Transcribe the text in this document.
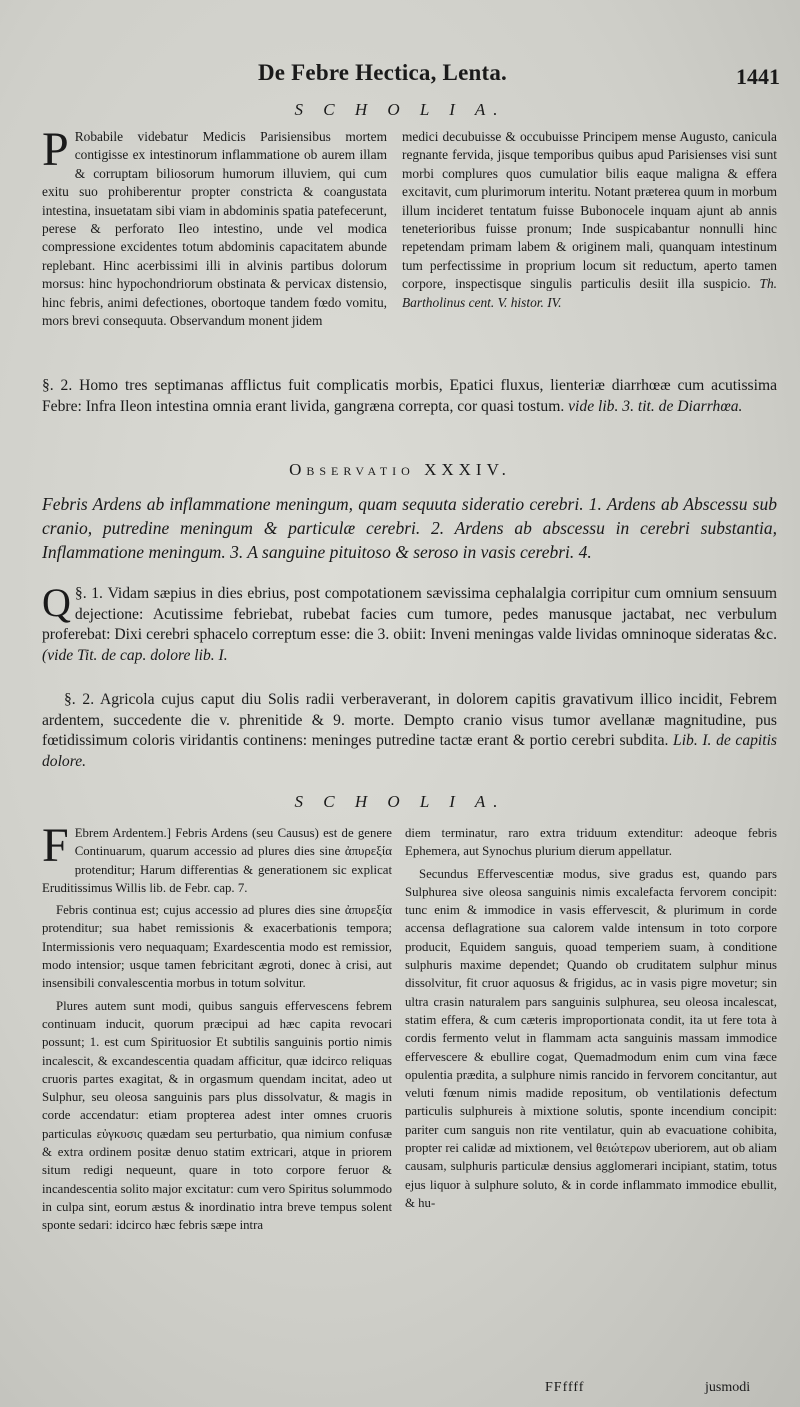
De Febre Hectica, Lenta.	1441
S C H O L I A.

P Robabile videbatur Medicis Parisiensibus mortem contigisse ex intestinorum inflammatione ob aurem illam & corruptam biliosorum humorum illuviem, qui cum exitu suo prohiberentur propter constricta & coangustata intestina, insuetatam sibi viam in abdominis spatia patefecerunt, perese & perforato Ileo intestino, unde vel modica compressione excidentes totum abdominis capacitatem abunde replebant. Hinc acerbissimi illi in alvinis partibus dolorum morsus: hinc hypochondriorum obstinata & pervicax distensio, hinc febris, animi defectiones, obortoque tandem fœdo vomitu, mors brevi consequuta. Observandum monent jidem

medici decubuisse & occubuisse Principem mense Augusto, canicula regnante fervida, jisque temporibus quibus apud Parisienses visi sunt morbi complures quos cumulatior bilis eaque maligna & effera excitavit, cum plurimorum interitu. Notant præterea quum in morbum illum incideret tentatum fuisse Bubonocele inquam ajunt ab annis teneterioribus fuisse pronum; Inde suspicabantur nonnulli hinc repetendam primam labem & originem mali, quanquam intestinum tum perfectissime in proprium locum sit reductum, aperto tamen corpore, inspectisque singulis particulis desiit illa suspicio. Th. Bartholinus cent. V. histor. IV.

§. 2. Homo tres septimanas afflictus fuit complicatis morbis, Epatici fluxus, lienteriæ diarrhœæ cum acutissima Febre: Infra Ileon intestina omnia erant livida, gangræna correpta, cor quasi tostum. vide lib. 3. tit. de Diarrhœa.

Observatio XXXIV.
Febris Ardens ab inflammatione meningum, quam sequuta sideratio cerebri. 1. Ardens ab Abscessu sub cranio, putredine meningum & particulæ cerebri. 2. Ardens ab abscessu in cerebri substantia, Inflammatione meningum. 3. A sanguine pituitoso & seroso in vasis cerebri. 4.

§. 1.
Q Vidam sæpius in dies ebrius, post compotationem sævissima cephalalgia corripitur cum omnium sensuum dejectione: Acutissime febriebat, rubebat facies cum tumore, pedes manusque jactabat, nec verbulum proferebat: Dixi cerebri sphacelo correptum esse: die 3. obiit: Inveni meningas valde lividas omninoque sideratas &c. (vide Tit. de cap. dolore lib. I.

§. 2. Agricola cujus caput diu Solis radii verberaverant, in dolorem capitis gravativum illico incidit, Febrem ardentem, succedente die v. phrenitide & 9. morte. Dempto cranio visus tumor avellanæ magnitudine, pus fœtidissimum coloris viridantis continens: meninges putredine tactæ erant & portio cerebri subdita. Lib. I. de capitis dolore.

S C H O L I A.

F Ebrem Ardentem.] Febris Ardens (seu Causus) est de genere Continuarum, quarum accessio ad plures dies sine ἀπυρεξία protenditur; Harum differentias & generationem sic explicat Eruditissimus Willis lib. de Febr. cap. 7.

Febris continua est; cujus accessio ad plures dies sine ἀπυρεξία protenditur; sua habet remissionis & exacerbationis tempora; Intermissionis vero nequaquam; Exardescentia modo est remissior, modo intensior; usque tamen febricitant ægroti, donec à crisi, aut insensibili convalescentia morbus in totum solvitur.

Plures autem sunt modi, quibus sanguis effervescens febrem continuam inducit, quorum præcipui ad hæc capita revocari possunt; 1. est cum Spirituosior Et subtilis sanguinis portio nimis incalescit, & excandescentia quadam afficitur, quæ idcirco reliquas cruoris partes exagitat, & in orgasmum quendam incitat, adeo ut Sulphur, seu oleosa sanguinis pars plus dissolvatur, & magis in corde accendatur: etiam propterea adest inter omnes cruoris particulas εὐγκυσις quædam seu perturbatio, qua nimium confusæ & extra ordinem positæ denuo statim extricari, atque in priorem situm redigi nequeunt, quare in toto corpore feruor & incandescentia solito major excitatur: cum vero Spiritus solummodo in culpa sint, eorum æstus & inordinatio intra breve tempus solent sponte sedari: idcirco hæc febris sæpe intra

diem terminatur, raro extra triduum extenditur: adeoque febris Ephemera, aut Synochus plurium dierum appellatur.

Secundus Effervescentiæ modus, sive gradus est, quando pars Sulphurea sive oleosa sanguinis nimis excalefacta fervorem concipit: tunc enim & immodice in vasis effervescit, & plurimum in corde accensa deflagratione sua calorem valde intensum in toto corpore producit, Equidem sanguis, quoad temperiem suam, à conditione sulphuris maxime dependet; Quando ob cruditatem sulphur minus dissolvitur, fit cruor aquosus & frigidus, ac in vasis pigre movetur; sin ultra crasin naturalem pars sanguinis sulphurea, seu oleosa incalescat, statim effera, & cum cæteris improportionata condit, ita ut fere tota à cordis fermento velut in flammam acta sanguinis massam immodice effervescere & ebullire cogat, Quemadmodum enim cum vina fæce opulentia prædita, a sulphure nimis rancido in fervorem concitantur, aut veluti fœnum nimis madide repositum, ob ventilationis defectum particulis sulphureis à mixtione solutis, sponte incendium concipit: pariter cum sanguis non rite ventilatur, quin ab evacuatione cohibita, propter rei calidæ ad mixtionem, vel θειώτερων uberiorem, aut ob aliam causam, sulphuris particulæ densius agglomerari incipiant, statim, totus ejus liquor à sulphure soluto, & in corde inflammato immodice ebullit, & hu-

FFffff	jusmodi
